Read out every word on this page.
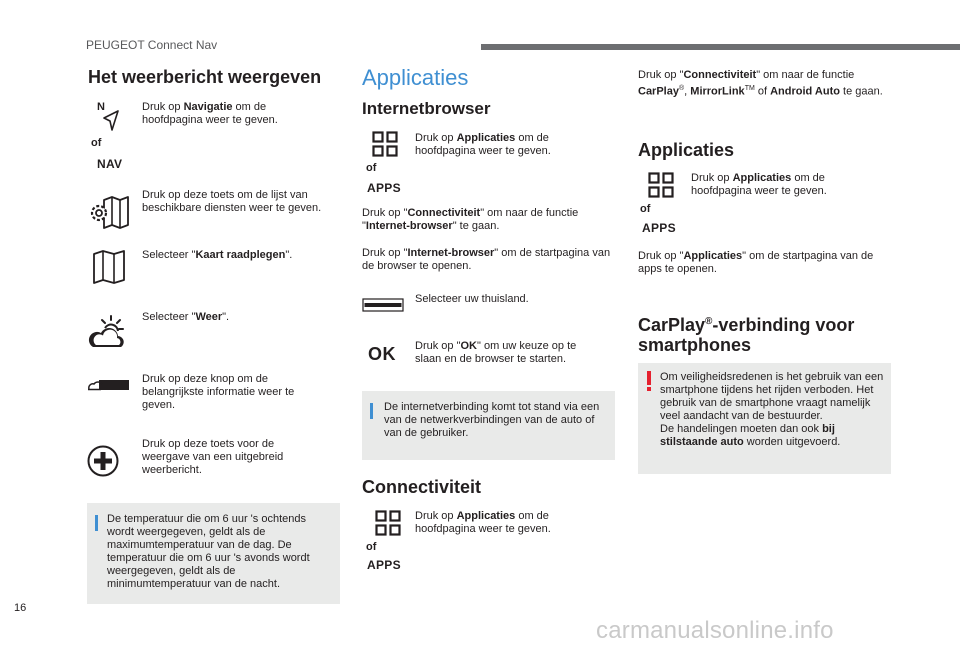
PEUGEOT Connect Nav
Het weerbericht weergeven
N
of
NAV
Druk op Navigatie om de hoofdpagina weer te geven.
Druk op deze toets om de lijst van beschikbare diensten weer te geven.
Selecteer "Kaart raadplegen".
Selecteer "Weer".
Druk op deze knop om de belangrijkste informatie weer te geven.
Druk op deze toets voor de weergave van een uitgebreid weerbericht.
De temperatuur die om 6 uur 's ochtends wordt weergegeven, geldt als de maximumtemperatuur van de dag. De temperatuur die om 6 uur 's avonds wordt weergegeven, geldt als de minimumtemperatuur van de nacht.
Applicaties
Internetbrowser
of
APPS
Druk op Applicaties om de hoofdpagina weer te geven.
Druk op "Connectiviteit" om naar de functie "Internet-browser" te gaan.
Druk op "Internet-browser" om de startpagina van de browser te openen.
Selecteer uw thuisland.
OK Druk op "OK" om uw keuze op te slaan en de browser te starten.
De internetverbinding komt tot stand via een van de netwerkverbindingen van de auto of van de gebruiker.
Connectiviteit
of
APPS
Druk op Applicaties om de hoofdpagina weer te geven.
Druk op "Connectiviteit" om naar de functie CarPlay®, MirrorLink™ of Android Auto te gaan.
Applicaties
of
APPS
Druk op Applicaties om de hoofdpagina weer te geven.
Druk op "Applicaties" om de startpagina van de apps te openen.
CarPlay®-verbinding voor smartphones
Om veiligheidsredenen is het gebruik van een smartphone tijdens het rijden verboden. Het gebruik van de smartphone vraagt namelijk veel aandacht van de bestuurder.
De handelingen moeten dan ook bij stilstaande auto worden uitgevoerd.
16
carmanualsonline.info
